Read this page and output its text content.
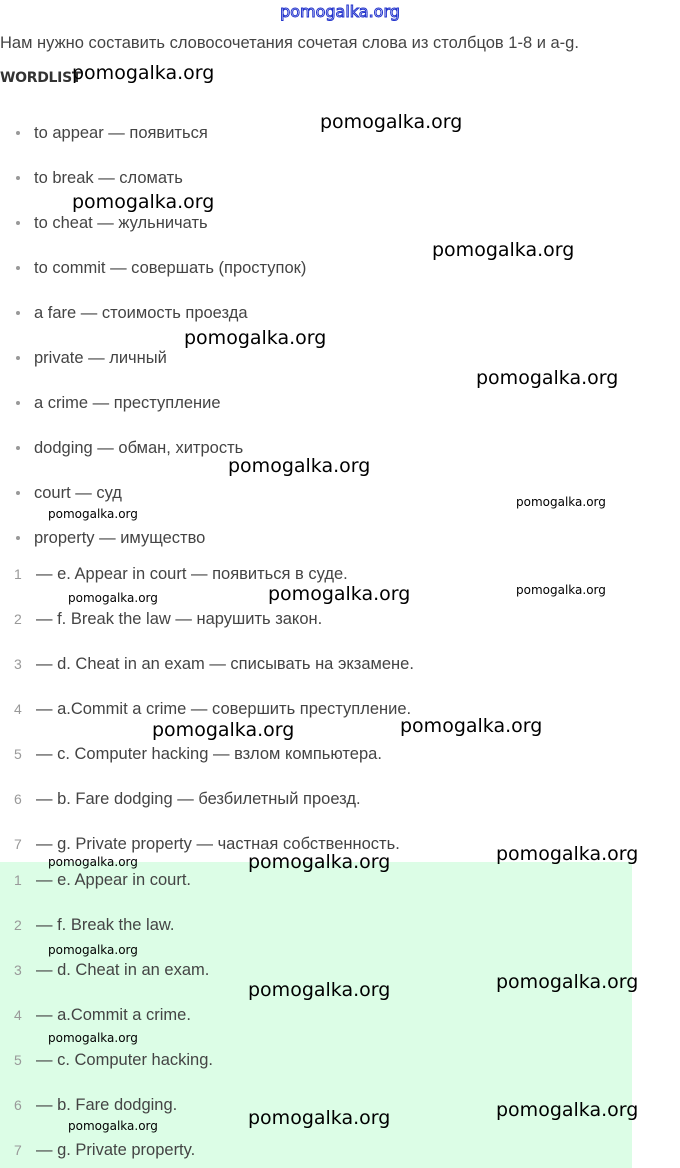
pomogalka.org
Нам нужно составить словосочетания сочетая слова из столбцов 1-8 и a-g.
WORDLIST
to appear — появиться
to break — сломать
to cheat — жульничать
to commit — совершать (проступок)
a fare — стоимость проезда
private — личный
a crime — преступление
dodging — обман, хитрость
court — суд
property — имущество
1 — e. Appear in court — появиться в суде.
2 — f. Break the law — нарушить закон.
3 — d. Cheat in an exam — списывать на экзамене.
4 — a.Commit a crime — совершить преступление.
5 — c. Computer hacking — взлом компьютера.
6 — b. Fare dodging — безбилетный проезд.
7 — g. Private property — частная собственность.
1 — e. Appear in court.
2 — f. Break the law.
3 — d. Cheat in an exam.
4 — a.Commit a crime.
5 — c. Computer hacking.
6 — b. Fare dodging.
7 — g. Private property.
pomogalka.org
pomogalka.org
pomogalka.org
pomogalka.org
pomogalka.org
pomogalka.org
pomogalka.org
pomogalka.org
pomogalka.org
pomogalka.org	pomogalka.org
pomogalka.org
pomogalka.org	pomogalka.org
pomogalka.org
pomogalka.org	pomogalka.org
pomogalka.org
pomogalka.org
pomogalka.org
pomogalka.org
pomogalka.org
pomogalka.org
pomogalka.org
